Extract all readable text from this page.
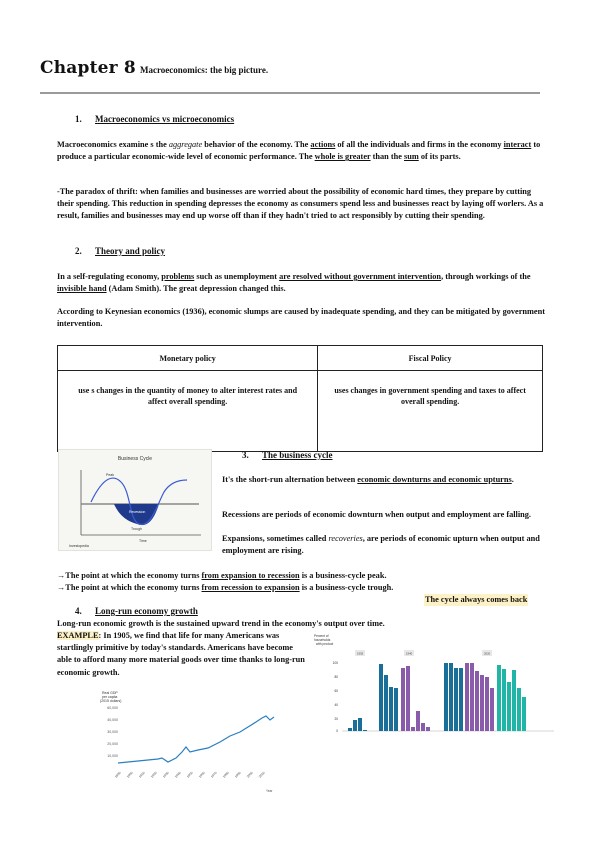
Chapter 8 Macroeconomics: the big picture.
1. Macroeconomics vs microeconomics
Macroeconomics examine s the aggregate behavior of the economy. The actions of all the individuals and firms in the economy interact to produce a particular economic-wide level of economic performance. The whole is greater than the sum of its parts.
-The paradox of thrift: when families and businesses are worried about the possibility of economic hard times, they prepare by cutting their spending. This reduction in spending depresses the economy as consumers spend less and businesses react by laying off worlers. As a result, families and businesses may end up worse off than if they hadn't tried to act responsibly by cutting their spending.
2. Theory and policy
In a self-regulating economy, problems such as unemployment are resolved without government intervention, through workings of the invisible hand (Adam Smith). The great depression changed this.
According to Keynesian economics (1936), economic slumps are caused by inadequate spending, and they can be mitigated by government intervention.
Monetary policy	Fiscal Policy
use s changes in the quantity of money to alter interest rates and affect overall spending.	uses changes in government spending and taxes to affect overall spending.
Business Cycle
Peak
Recession
Trough
Time
Investopedia
3. The business cycle
It's the short-run alternation between economic downturns and economic upturns.
Recessions are periods of economic downturn when output and employment are falling.
Expansions, sometimes called recoveries, are periods of economic upturn when output and employment are rising.
→The point at which the economy turns from expansion to recession is a business-cycle peak.
→The point at which the economy turns from recession to expansion is a business-cycle trough.
The cycle always comes back
4. Long-run economy growth
Long-run economic growth is the sustained upward trend in the economy's output over time.
EXAMPLE: In 1905, we find that life for many Americans was startlingly primitive by today's standards. Americans have become able to afford many more material goods over time thanks to long-run economic growth.
Real GDP
per capita
(2015 dollars)
60,000
40,000
30,000
20,000
10,000
1890 1900 1910 1920 1930 1940 1950 1960 1970 1980 1990 2000 2010
Year
Percent of
households
with product
100
80
60
40
20
0
1905	1940	2020
